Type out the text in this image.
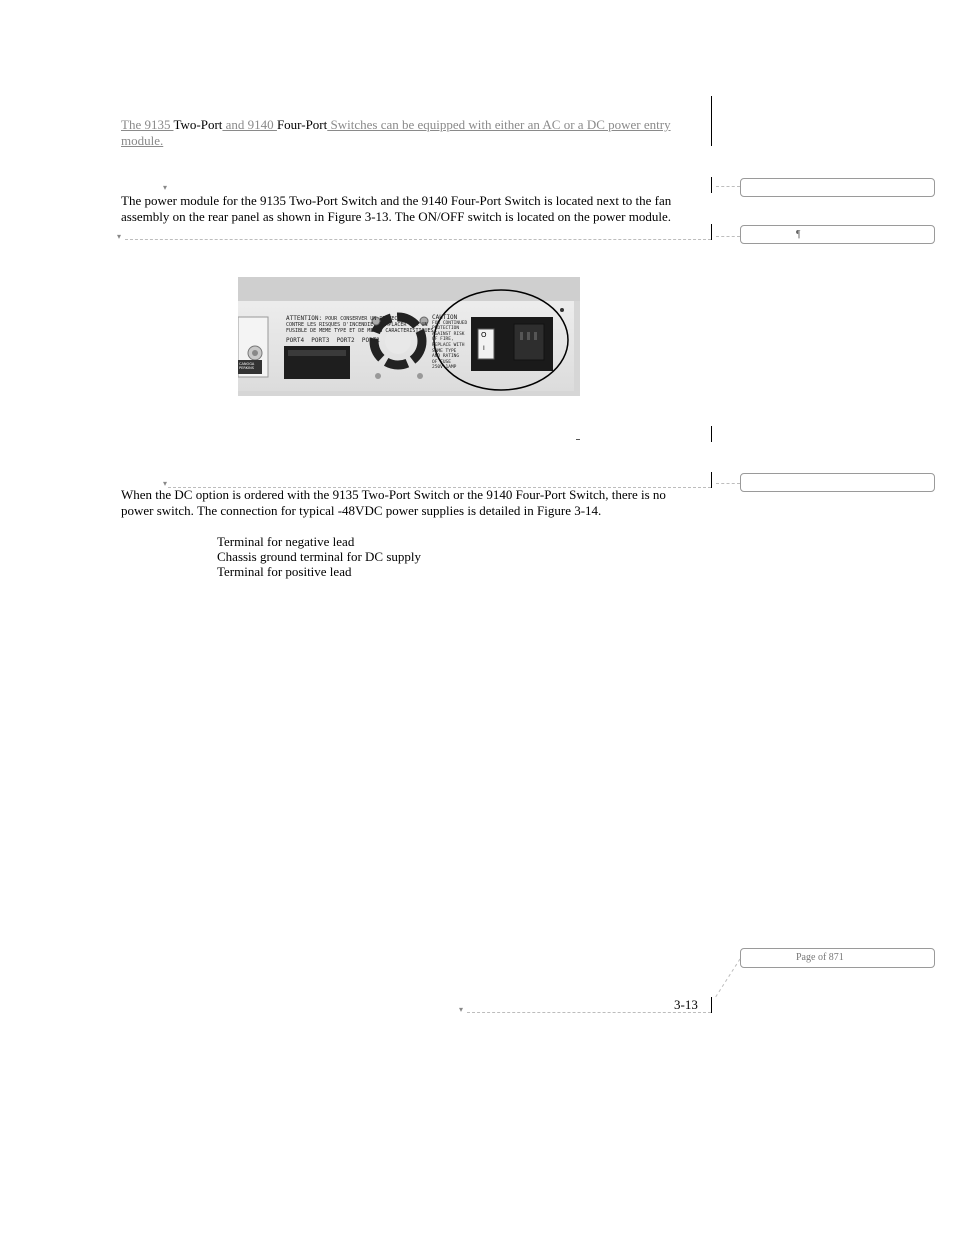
The 9135 Two-Port and 9140 Four-Port Switches can be equipped with either an AC or a DC power entry
module.
▾
The power module for the 9135 Two-Port Switch and the 9140 Four-Port Switch is located next to the fan
assembly on the rear panel as shown in Figure 3-13. The ON/OFF switch is located on the power module.
▾	¶
ATTENTION: POUR CONSERVER UN PROTECTION
CONTRE LES RISQUES D'INCENDIE, REMPLACER PAR UN
FUSIBLE DE MEME TYPE ET DE MEMES CARACTERISTIQUES
PORT4  PORT3  PORT2  PORT1
CAUTION
FOR CONTINUED
PROTECTION
AGAINST RISK
OF FIRE,
REPLACE WITH
SAME TYPE
AND RATING
OF FUSE
250V 1AMP
O
I
CANOGA PERKINS
▾
When the DC option is ordered with the 9135 Two-Port Switch or the 9140 Four-Port Switch, there is no
power switch. The connection for typical -48VDC power supplies is detailed in Figure 3-14.
Terminal for negative lead
Chassis ground terminal for DC supply
Terminal for positive lead
Page of 871
3-13
▾
